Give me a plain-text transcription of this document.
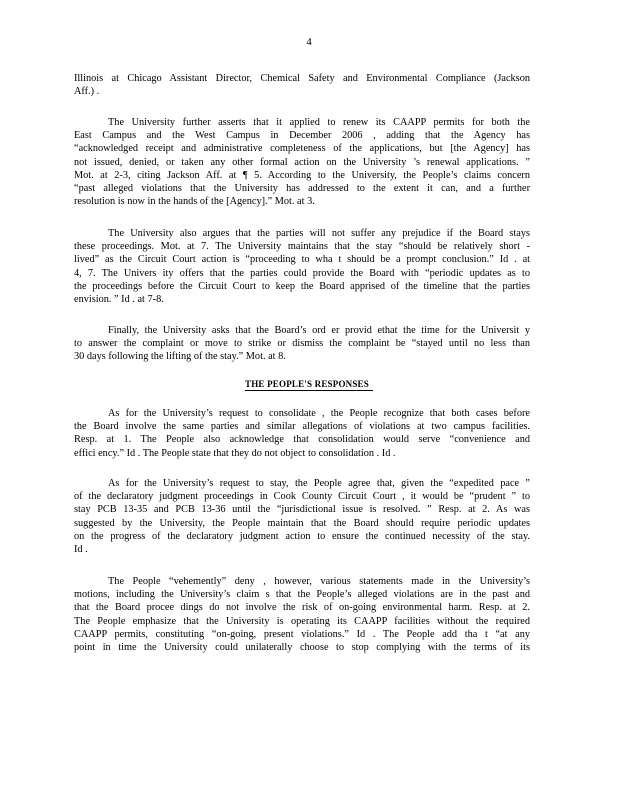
4
Illinois at Chicago Assistant Director, Chemical Safety and Environmental Compliance (Jackson
Aff.) .
The University further asserts that it applied to renew its CAAPP permits for both the
East Campus and the West Campus in December 2006 , adding that the Agency has
“acknowledged receipt and administrative completeness of the applications, but [the Agency] has
not issued, denied, or taken any other formal action on the University ’s renewal applications. ”
Mot. at 2-3, citing Jackson Aff. at ¶ 5. According to the University, the People’s claims concern
“past alleged violations that the University has addressed to the extent it can, and a further
resolution is now in the hands of the [Agency].” Mot. at 3.
The University also argues that the parties will not suffer any prejudice if the Board stays
these proceedings. Mot. at 7. The University maintains that the stay “should be relatively short -
lived” as the Circuit Court action is “proceeding to wha t should be a prompt conclusion.” Id . at
4, 7. The Univers ity offers that the parties could provide the Board with “periodic updates as to
the proceedings before the Circuit Court to keep the Board apprised of the timeline that the parties
envision. ” Id . at 7-8.
Finally, the University asks that the Board’s ord er provid ethat the time for the Universit y
to answer the complaint or move to strike or dismiss the complaint be “stayed until no less than
30 days following the lifting of the stay.” Mot. at 8.
THE PEOPLE'S RESPONSES
As for the University’s request to consolidate , the People recognize that both cases before
the Board involve the same parties and similar allegations of violations at two campus facilities.
Resp. at 1. The People also acknowledge that consolidation would serve “convenience and
effici ency.” Id . The People state that they do not object to consolidation . Id .
As for the University’s request to stay, the People agree that, given the “expedited pace ”
of the declaratory judgment proceedings in Cook County Circuit Court , it would be “prudent ” to
stay PCB 13-35 and PCB 13-36 until the “jurisdictional issue is resolved. ” Resp. at 2. As was
suggested by the University, the People maintain that the Board should require periodic updates
on the progress of the declaratory judgment action to ensure the continued necessity of the stay.
Id .
The People “vehemently” deny , however, various statements made in the University’s
motions, including the University’s claim s that the People’s alleged violations are in the past and
that the Board procee dings do not involve the risk of on-going environmental harm. Resp. at 2.
The People emphasize that the University is operating its CAAPP facilities without the required
CAAPP permits, constituting “on-going, present violations.” Id . The People add tha t “at any
point in time the University could unilaterally choose to stop complying with the terms of its
